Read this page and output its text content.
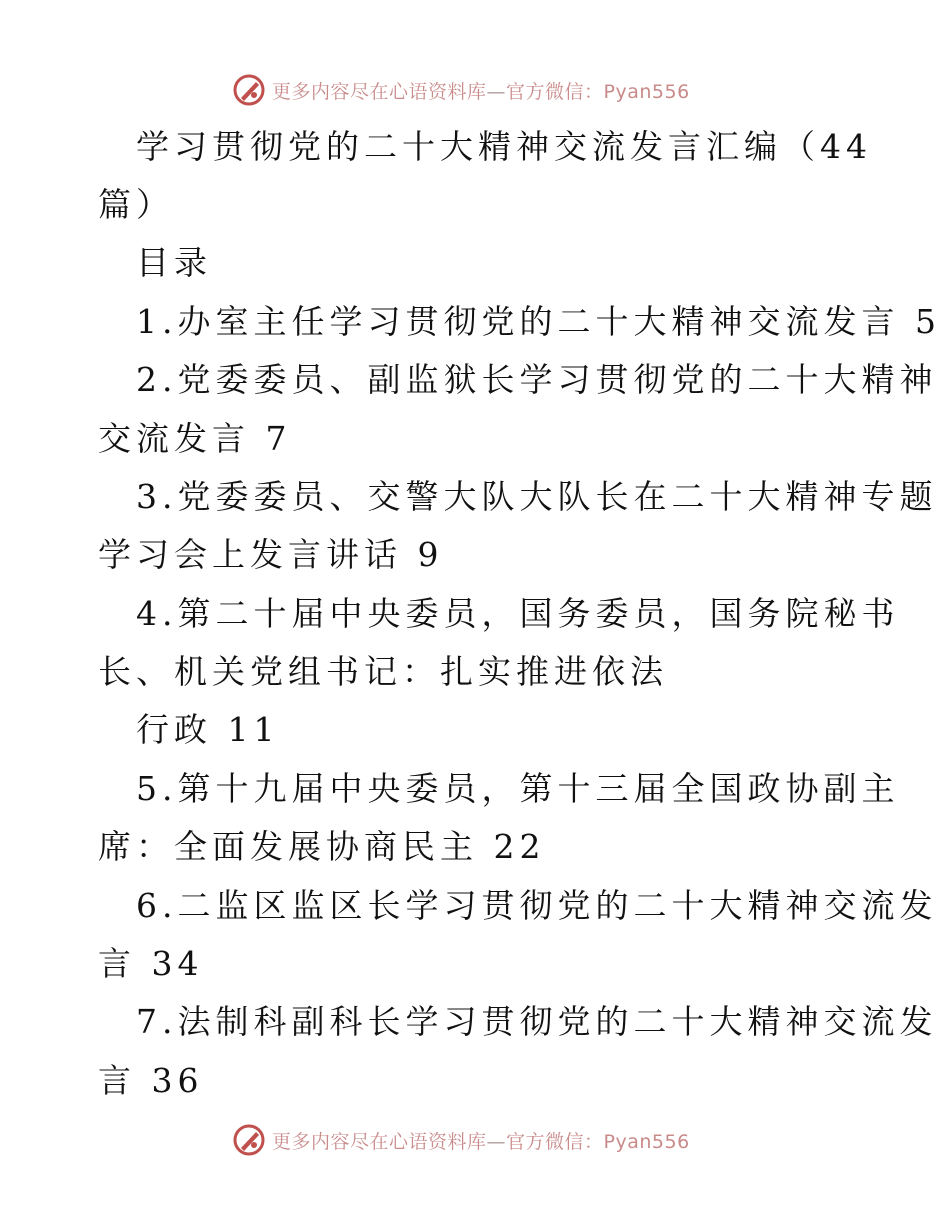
更多内容尽在心语资料库—官方微信：Pyan556
学习贯彻党的二十大精神交流发言汇编（44
篇）
目录
1.办室主任学习贯彻党的二十大精神交流发言 5
2.党委委员、副监狱长学习贯彻党的二十大精神
交流发言 7
3.党委委员、交警大队大队长在二十大精神专题
学习会上发言讲话 9
4.第二十届中央委员，国务委员，国务院秘书
长、机关党组书记：扎实推进依法
行政 11
5.第十九届中央委员，第十三届全国政协副主
席：全面发展协商民主 22
6.二监区监区长学习贯彻党的二十大精神交流发
言 34
7.法制科副科长学习贯彻党的二十大精神交流发
言 36
更多内容尽在心语资料库—官方微信：Pyan556
